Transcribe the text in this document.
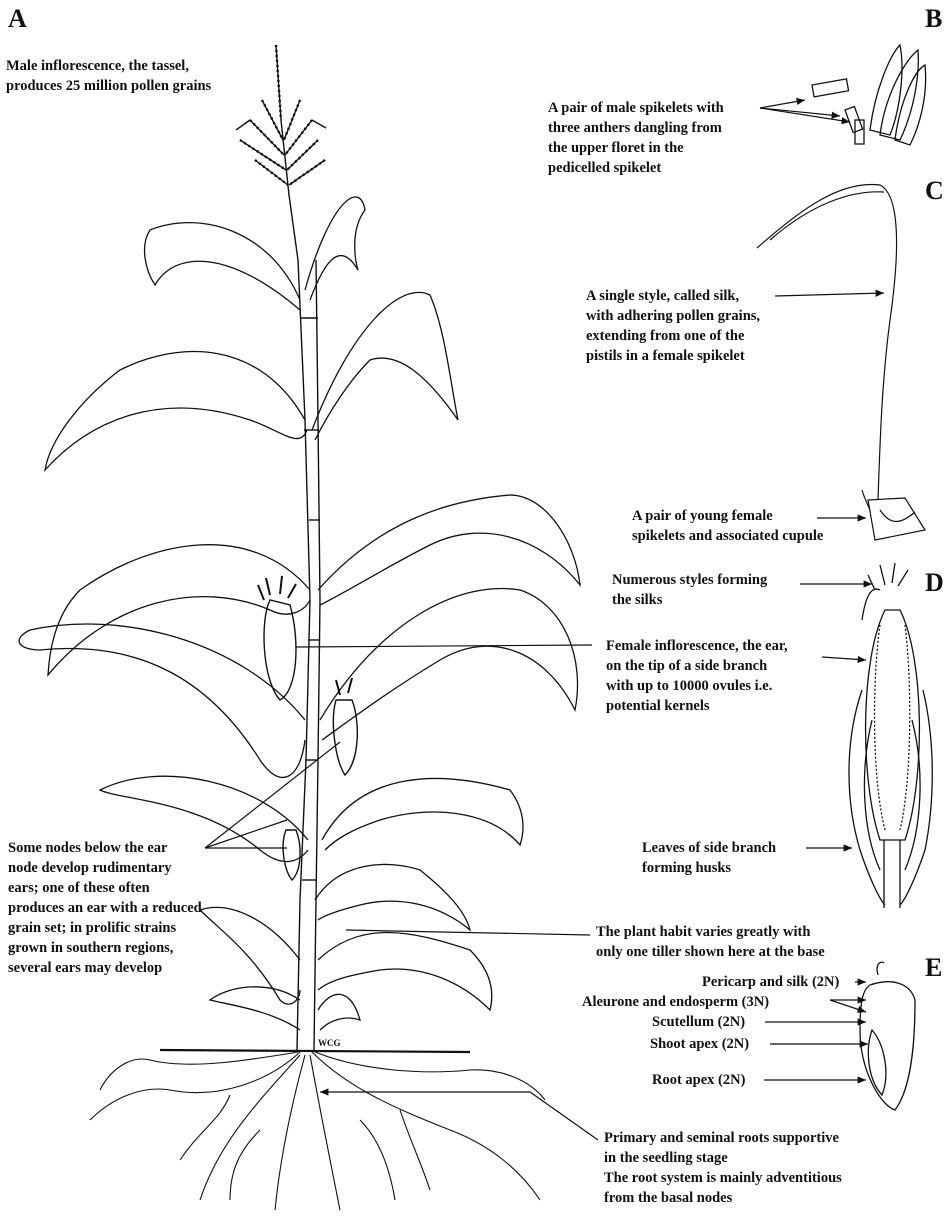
A	B
C
D
E
Male inflorescence, the tassel,
produces 25 million pollen grains
A pair of male spikelets with
three anthers dangling from
the upper floret in the
pedicelled spikelet
A single style, called silk,
with adhering pollen grains,
extending from one of the
pistils in a female spikelet
A pair of young female
spikelets and associated cupule
Numerous styles forming
the silks
Female inflorescence, the ear,
on the tip of a side branch
with up to 10000 ovules i.e.
potential kernels
Leaves of side branch
forming husks
Some nodes below the ear
node develop rudimentary
ears; one of these often
produces an ear with a reduced
grain set; in prolific strains
grown in southern regions,
several ears may develop
The plant habit varies greatly with
only one tiller shown here at the base
Pericarp and silk (2N)
Aleurone and endosperm (3N)
Scutellum (2N)
Shoot apex (2N)
Root apex (2N)
Primary and seminal roots supportive
in the seedling stage
The root system is mainly adventitious
from the basal nodes
WCG
